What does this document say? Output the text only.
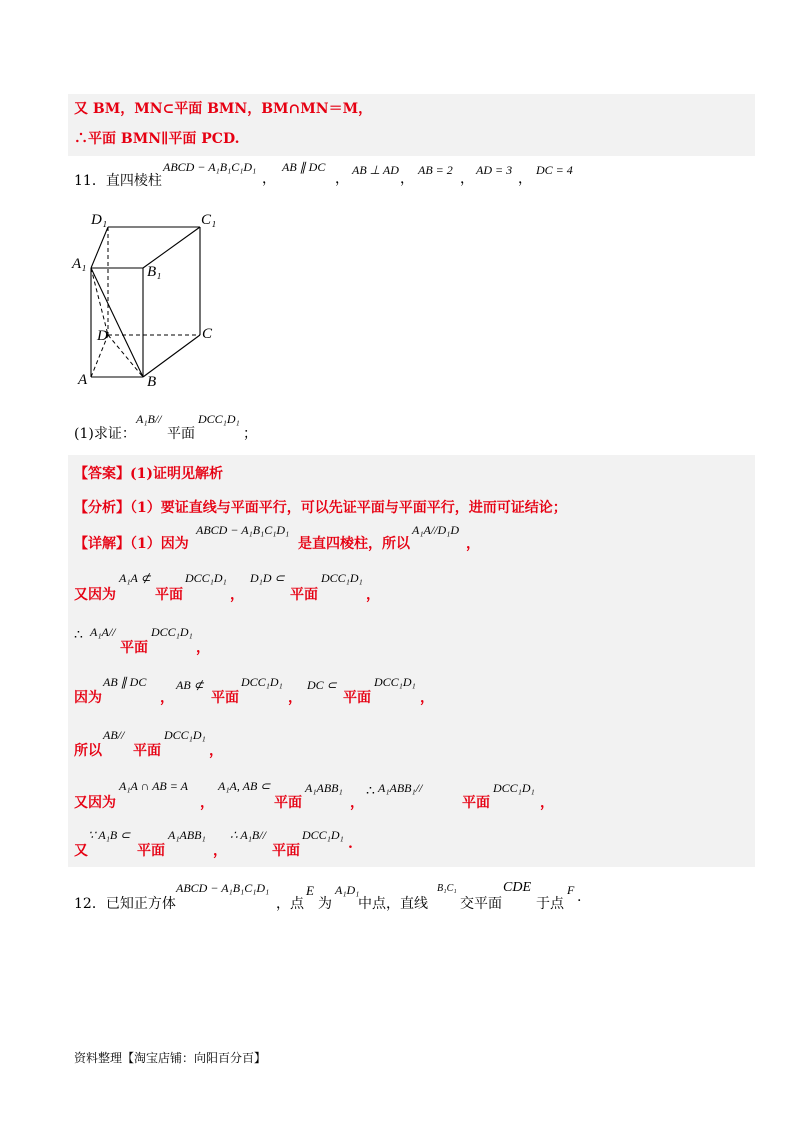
又 BM，MN⊂平面 BMN，BM∩MN＝M，
∴平面 BMN∥平面 PCD.
11．直四棱柱
ABCD − A₁B₁C₁D₁
，
AB ∥ DC
，
AB ⊥ AD
，
AB = 2
，
AD = 3
，
DC = 4
D₁	C₁
A₁	B₁
D	C
A	B
(1)求证：
A₁B//
平面
DCC₁D₁
；
【答案】(1)证明见解析
【分析】（1）要证直线与平面平行，可以先证平面与平面平行，进而可证结论；
【详解】（1）因为
ABCD − A₁B₁C₁D₁
是直四棱柱，所以
A₁A//D₁D
，
又因为
A₁A ⊄
平面
DCC₁D₁
，
D₁D ⊂
平面
DCC₁D₁
，
∴ A₁A//
平面
DCC₁D₁
，
因为
AB ∥ DC
，
AB ⊄
平面
DCC₁D₁
，
DC ⊂
平面
DCC₁D₁
，
所以
AB//
平面
DCC₁D₁
，
又因为
A₁A ∩ AB = A
，
A₁A, AB ⊂
平面
A₁ABB₁
，
∴ A₁ABB₁//
平面
DCC₁D₁
，
又
∵ A₁B ⊂
平面
A₁ABB₁
，
∴ A₁B//
平面
DCC₁D₁
.
12．已知正方体
ABCD − A₁B₁C₁D₁
，点
E
为
A₁D₁
中点，直线
B₁C₁
交平面
CDE
于点
F .
资料整理【淘宝店铺：向阳百分百】
